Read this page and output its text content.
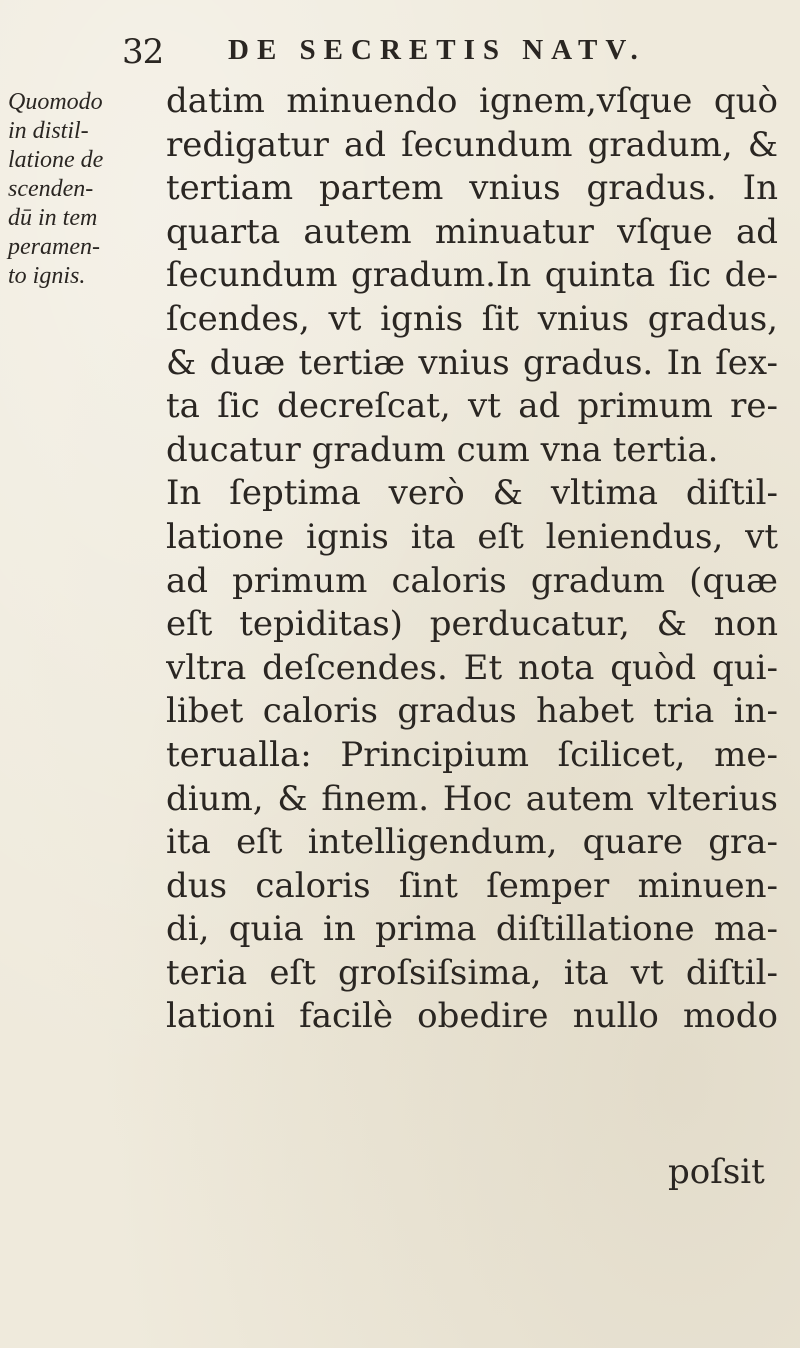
32 DE SECRETIS NATV.
Quomodo
in distil-
latione de
scenden-
dū in tem
peramen-
to ignis.
datim minuendo ignem,vſque quò
redigatur ad ſecundum gradum, &
tertiam partem vnius gradus. In
quarta autem minuatur vſque ad
ſecundum gradum.In quinta ſic de-
ſcendes, vt ignis ſit vnius gradus,
& duæ tertiæ vnius gradus. In ſex-
ta ſic decreſcat, vt ad primum re-
ducatur gradum cum vna tertia.
In ſeptima verò & vltima diſtil-
latione ignis ita eſt leniendus, vt
ad primum caloris gradum (quæ
eſt tepiditas) perducatur, & non
vltra deſcendes. Et nota quòd qui-
libet caloris gradus habet tria in-
terualla: Principium ſcilicet, me-
dium, & finem. Hoc autem vlterius
ita eſt intelligendum, quare gra-
dus caloris ſint ſemper minuen-
di, quia in prima diſtillatione ma-
teria eſt groſsiſsima, ita vt diſtil-
lationi facilè obedire nullo modo
poſsit
